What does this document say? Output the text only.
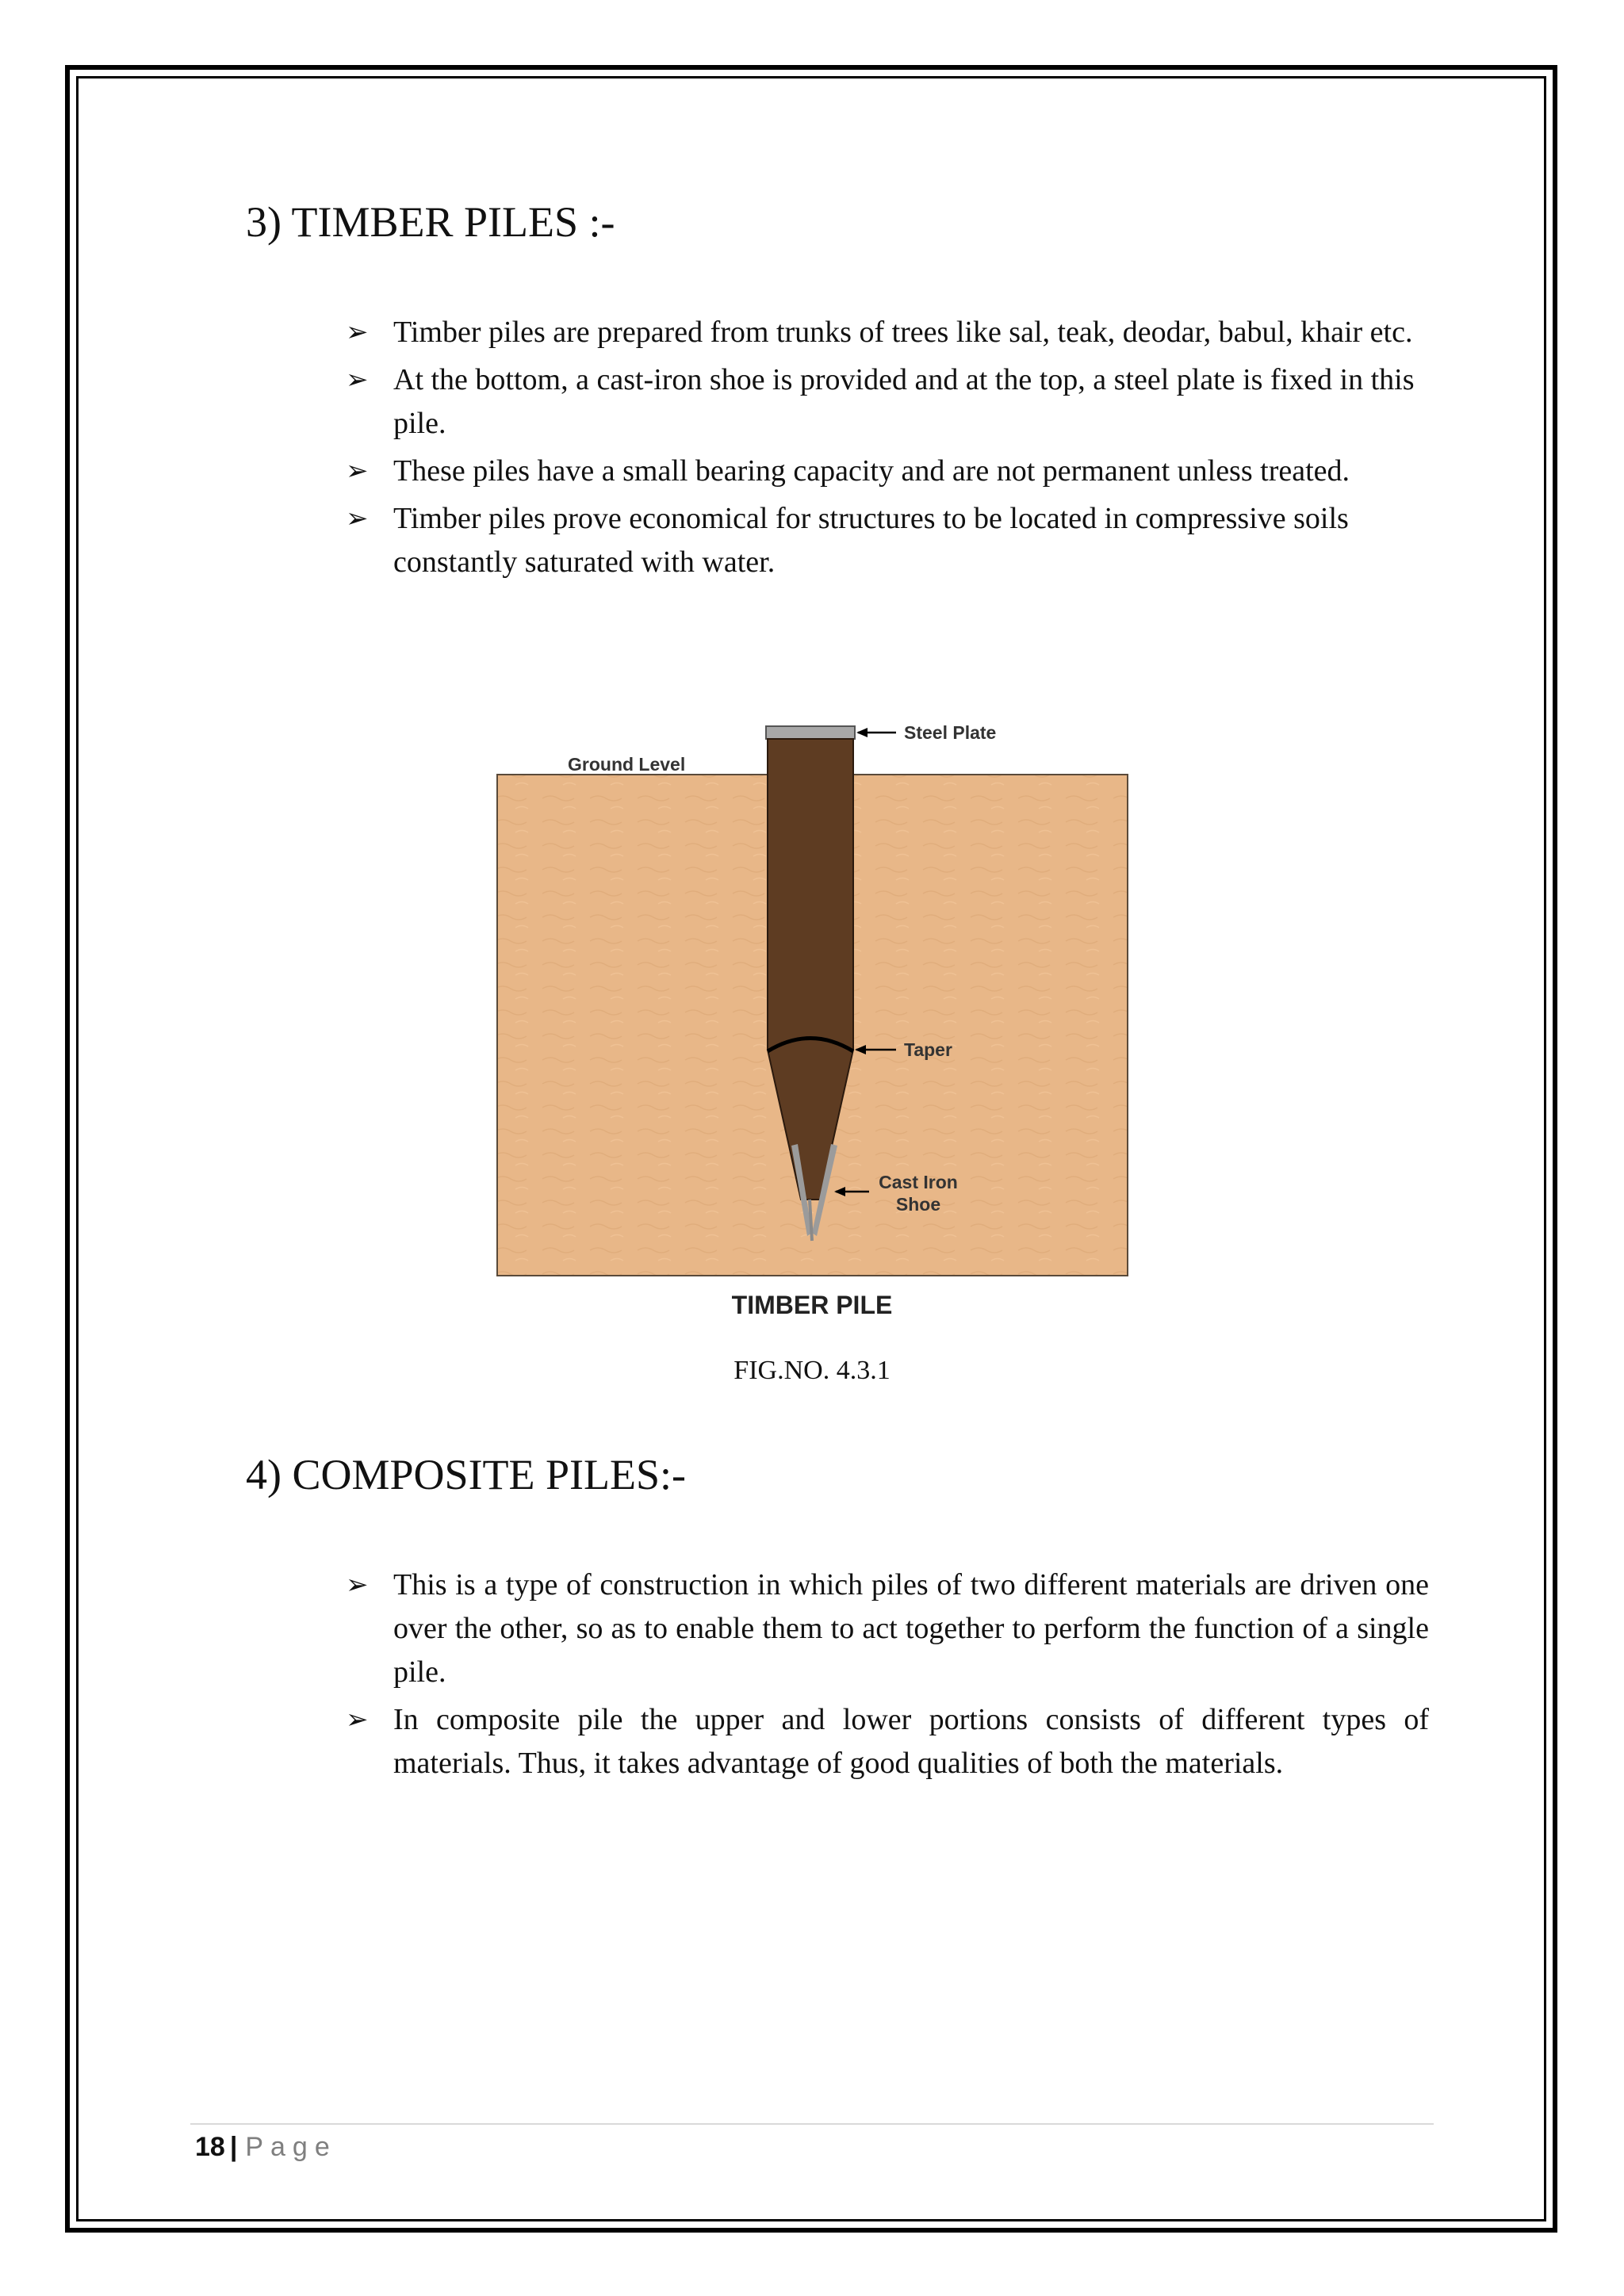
3) TIMBER PILES :-
➢ Timber piles are prepared from trunks of trees like sal, teak, deodar, babul, khair etc.
➢ At the bottom, a cast-iron shoe is provided and at the top, a steel plate is fixed in this pile.
➢ These piles have a small bearing capacity and are not permanent unless treated.
➢ Timber piles prove economical for structures to be located in compressive soils constantly saturated with water.
Steel Plate
Ground Level
Taper
Cast Iron
Shoe
TIMBER PILE
FIG.NO. 4.3.1
4) COMPOSITE PILES:-
➢ This is a type of construction in which piles of two different materials are driven one over the other, so as to enable them to act together to perform the function of a single pile.
➢ In composite pile the upper and lower portions consists of different types of materials. Thus, it takes advantage of good qualities of both the materials.
18 | Page
